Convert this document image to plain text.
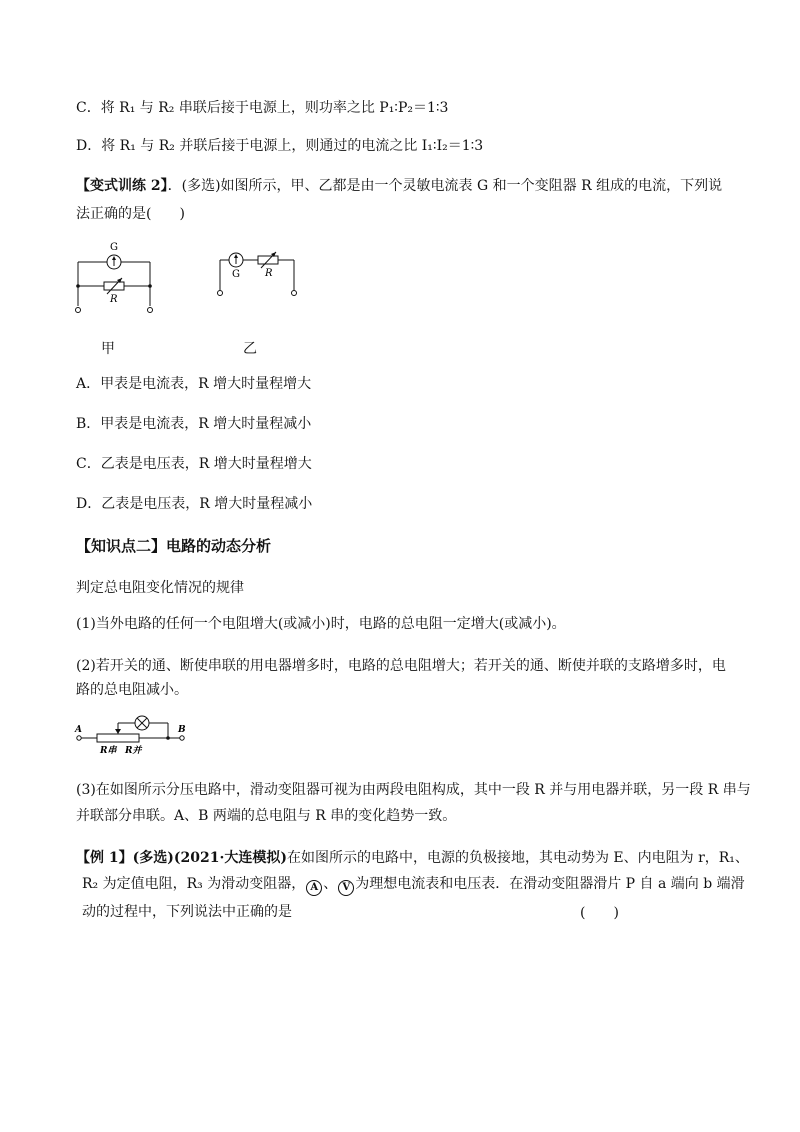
C．将 R₁ 与 R₂ 串联后接于电源上，则功率之比 P₁∶P₂＝1∶3
D．将 R₁ 与 R₂ 并联后接于电源上，则通过的电流之比 I₁∶I₂＝1∶3
【变式训练 2】．(多选)如图所示，甲、乙都是由一个灵敏电流表 G 和一个变阻器 R 组成的电流，下列说
法正确的是(　　)
G
R
G	R
甲	乙
A．甲表是电流表，R 增大时量程增大
B．甲表是电流表，R 增大时量程减小
C．乙表是电压表，R 增大时量程增大
D．乙表是电压表，R 增大时量程减小
【知识点二】电路的动态分析
判定总电阻变化情况的规律
(1)当外电路的任何一个电阻增大(或减小)时，电路的总电阻一定增大(或减小)。
(2)若开关的通、断使串联的用电器增多时，电路的总电阻增大；若开关的通、断使并联的支路增多时，电
路的总电阻减小。
A	B
R串 R并
(3)在如图所示分压电路中，滑动变阻器可视为由两段电阻构成，其中一段 R 并与用电器并联，另一段 R 串与
并联部分串联。A、B 两端的总电阻与 R 串的变化趋势一致。
【例 1】(多选)(2021·大连模拟)在如图所示的电路中，电源的负极接地，其电动势为 E、内电阻为 r，R₁、
R₂ 为定值电阻，R₃ 为滑动变阻器， A 、 V 为理想电流表和电压表．在滑动变阻器滑片 P 自 a 端向 b 端滑
动的过程中，下列说法中正确的是	(　　)
